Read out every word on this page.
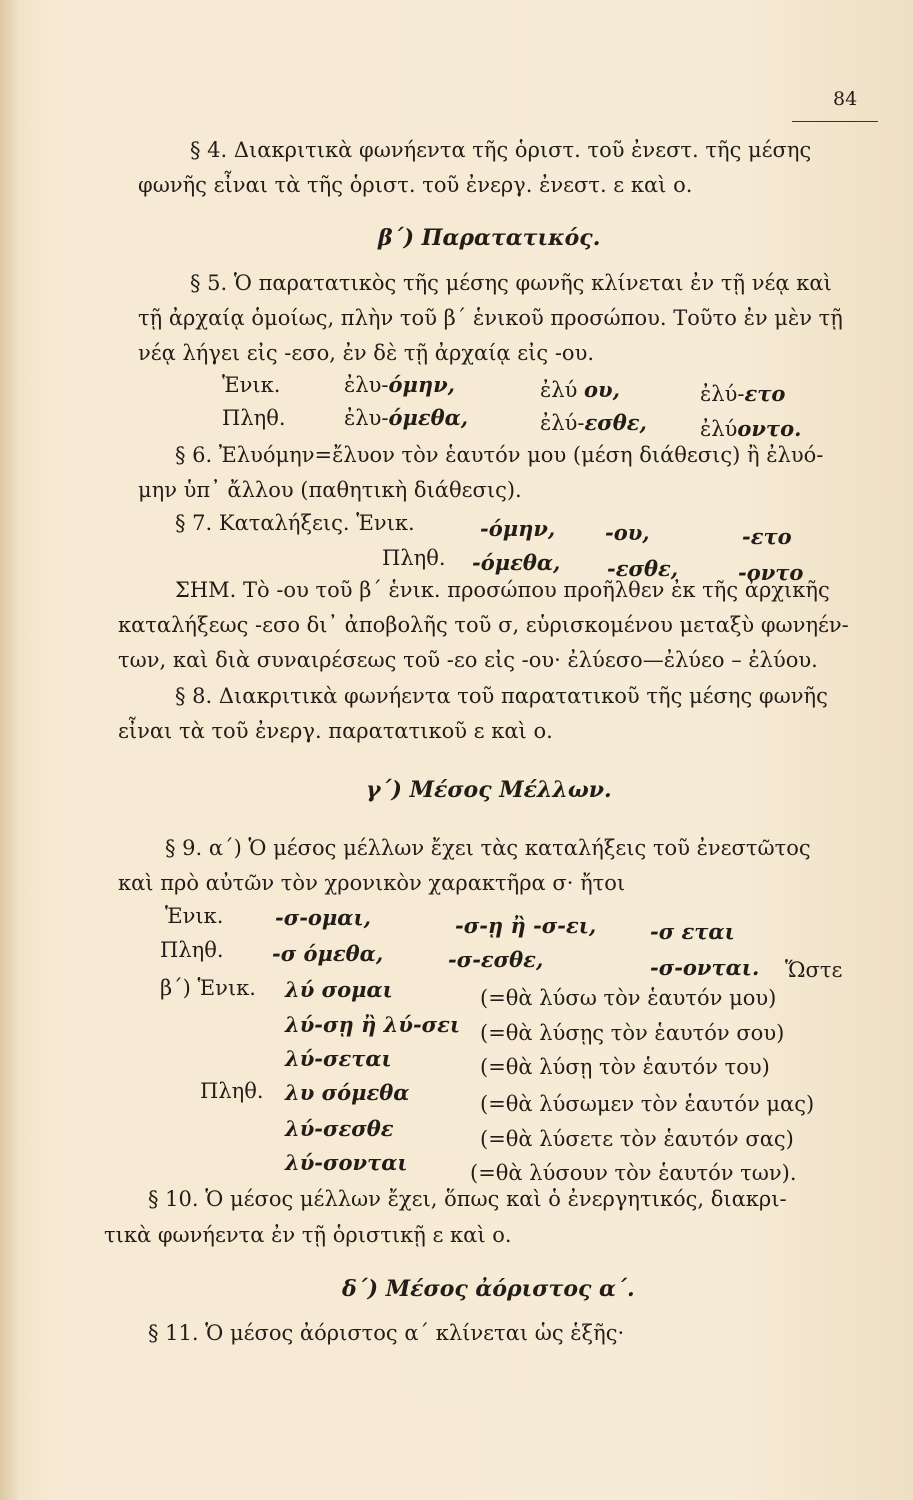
84
§ 4. Διακριτικὰ φωνήεντα τῆς ὁριστ. τοῦ ἐνεστ. τῆς μέσης
φωνῆς εἶναι τὰ τῆς ὁριστ. τοῦ ἐνεργ. ἐνεστ. ε καὶ ο.
β΄) Παρατατικός.
§ 5. Ὁ παρατατικὸς τῆς μέσης φωνῆς κλίνεται ἐν τῇ νέᾳ καὶ
τῇ ἀρχαίᾳ ὁμοίως, πλὴν τοῦ β΄ ἑνικοῦ προσώπου. Τοῦτο ἐν μὲν τῇ
νέᾳ λήγει εἰς -εσο, ἐν δὲ τῇ ἀρχαίᾳ εἰς -ου.
Ἑνικ.	ἐλυ-όμην,	ἐλύ ου,	ἐλύ-ετο
Πληθ.	ἐλυ-όμεθα,	ἐλύ-εσθε,	ἐλύοντο.
§ 6. Ἐλυόμην=ἔλυον τὸν ἑαυτόν μου (μέση διάθεσις) ἢ ἐλυό-
μην ὑπ᾽ ἄλλου (παθητικὴ διάθεσις).
§ 7. Καταλήξεις. Ἑνικ.	-όμην, -ου,	-ετο
Πληθ. -όμεθα, -εσθε,	-οντο
ΣΗΜ. Τὸ -ου τοῦ β΄ ἑνικ. προσώπου προῆλθεν ἐκ τῆς ἀρχικῆς
καταλήξεως -εσο δι᾽ ἀποβολῆς τοῦ σ, εὑρισκομένου μεταξὺ φωνηέν-
των, καὶ διὰ συναιρέσεως τοῦ -εο εἰς -ου· ἐλύεσο—ἐλύεο – ἐλύου.
§ 8. Διακριτικὰ φωνήεντα τοῦ παρατατικοῦ τῆς μέσης φωνῆς
εἶναι τὰ τοῦ ἐνεργ. παρατατικοῦ ε καὶ ο.
γ΄) Μέσος Μέλλων.
§ 9. α΄) Ὁ μέσος μέλλων ἔχει τὰς καταλήξεις τοῦ ἐνεστῶτος
καὶ πρὸ αὐτῶν τὸν χρονικὸν χαρακτῆρα σ· ἤτοι
Ἑνικ. -σ-ομαι,	-σ-ῃ ἢ -σ-ει,	-σ εται
Πληθ. -σ όμεθα,	-σ-εσθε,	-σ-ονται. Ὥστε
β΄) Ἑνικ. λύ σομαι	(=θὰ λύσω τὸν ἑαυτόν μου)
λύ-σῃ ἢ λύ-σει (=θὰ λύσῃς τὸν ἑαυτόν σου)
λύ-σεται	(=θὰ λύσῃ τὸν ἑαυτόν του)
Πληθ. λυ σόμεθα	(=θὰ λύσωμεν τὸν ἑαυτόν μας)
λύ-σεσθε	(=θὰ λύσετε τὸν ἑαυτόν σας)
λύ-σονται	(=θὰ λύσουν τὸν ἑαυτόν των).
§ 10. Ὁ μέσος μέλλων ἔχει, ὅπως καὶ ὁ ἐνεργητικός, διακρι-
τικὰ φωνήεντα ἐν τῇ ὁριστικῇ ε καὶ ο.
δ΄) Μέσος ἀόριστος α΄.
§ 11. Ὁ μέσος ἀόριστος α΄ κλίνεται ὡς ἑξῆς·
